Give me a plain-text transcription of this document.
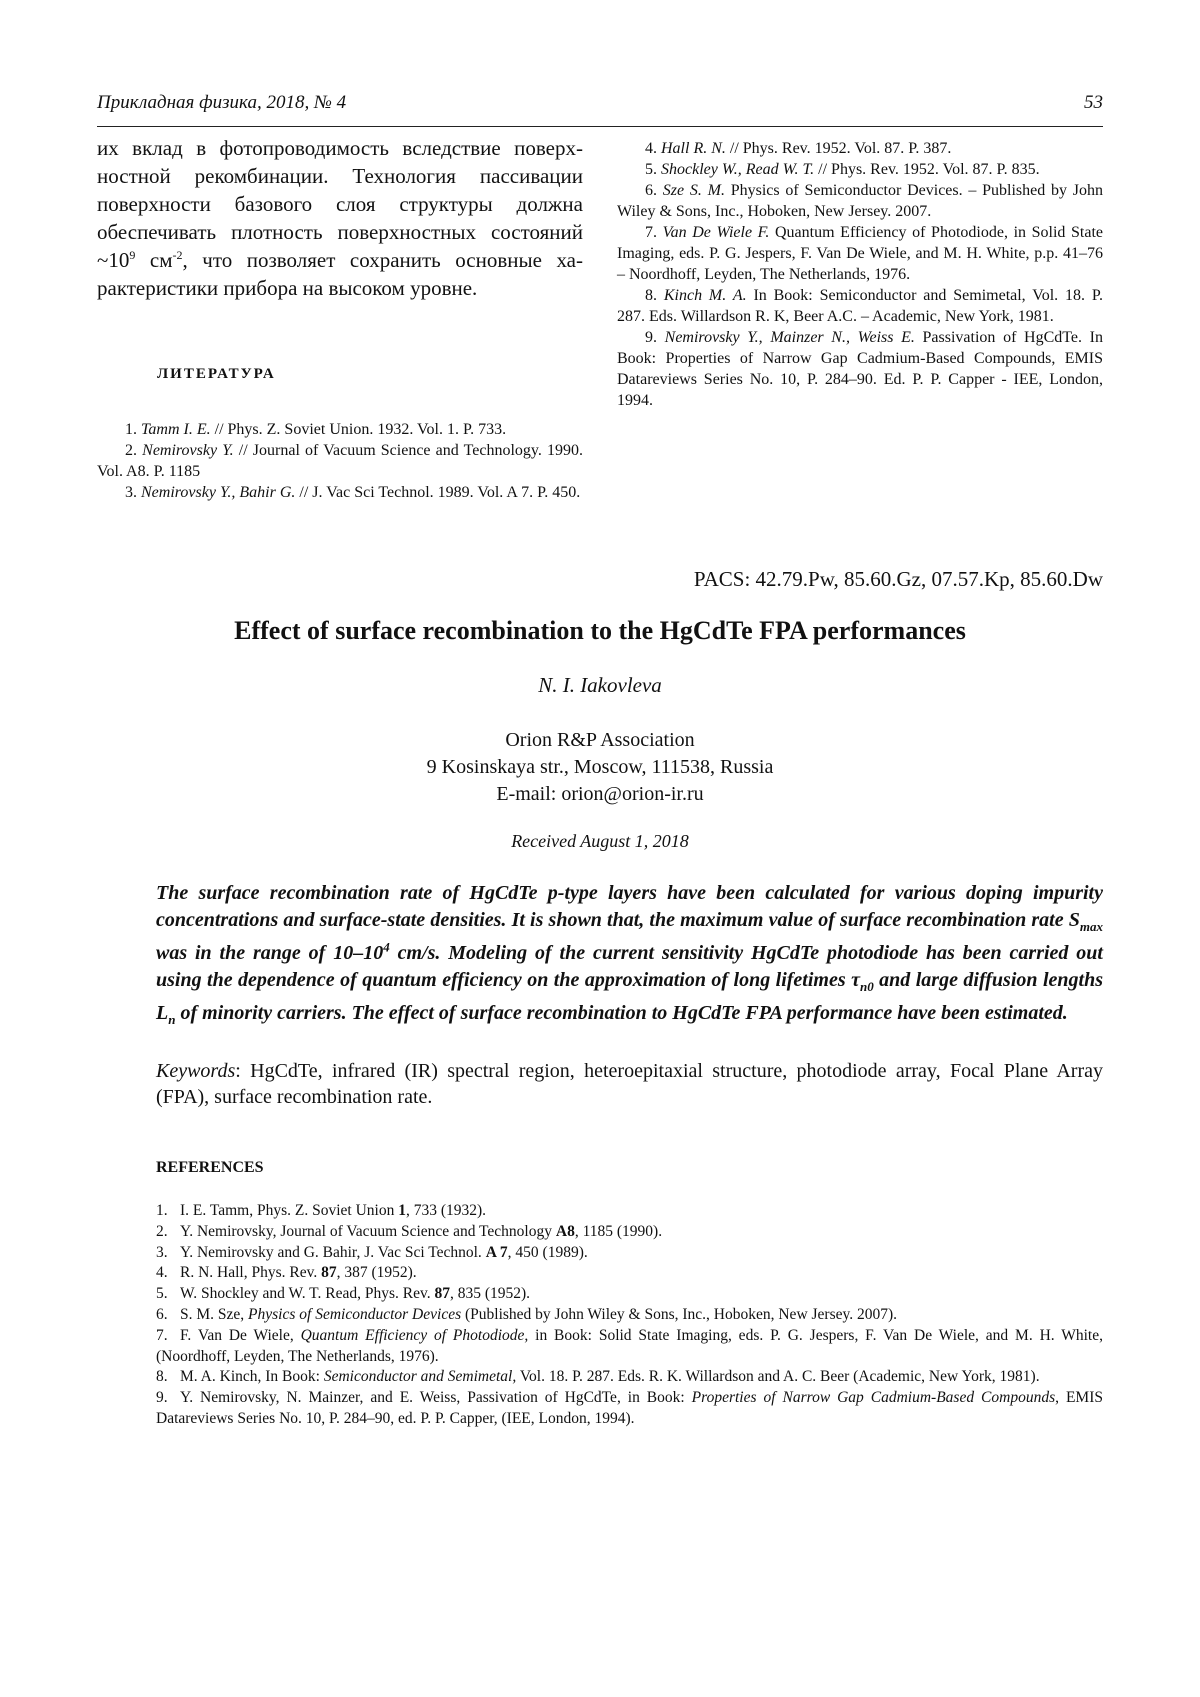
Прикладная физика, 2018, № 4	53

их вклад в фотопроводимость вследствие поверх-ностной рекомбинации. Технология пассивации поверхности базового слоя структуры должна обеспечивать плотность поверхностных состояний $\sim 10^9$ $см^{-2}$, что позволяет сохранить основные ха-рактеристики прибора на высоком уровне.

ЛИТЕРАТУРА
1. Tamm I. E. // Phys. Z. Soviet Union. 1932. Vol. 1. P. 733.
2. Nemirovsky Y. // Journal of Vacuum Science and Technology. 1990. Vol. A8. P. 1185
3. Nemirovsky Y., Bahir G. // J. Vac Sci Technol. 1989. Vol. A 7. P. 450.
4. Hall R. N. // Phys. Rev. 1952. Vol. 87. P. 387.
5. Shockley W., Read W. T. // Phys. Rev. 1952. Vol. 87. P. 835.
6. Sze S. M. Physics of Semiconductor Devices. – Published by John Wiley & Sons, Inc., Hoboken, New Jersey. 2007.
7. Van De Wiele F. Quantum Efficiency of Photodiode, in Solid State Imaging, eds. P. G. Jespers, F. Van De Wiele, and M. H. White, p.p. 41–76 – Noordhoff, Leyden, The Netherlands, 1976.
8. Kinch M. A. In Book: Semiconductor and Semimetal, Vol. 18. P. 287. Eds. Willardson R. K, Beer A.C. – Academic, New York, 1981.
9. Nemirovsky Y., Mainzer N., Weiss E. Passivation of HgCdTe. In Book: Properties of Narrow Gap Cadmium-Based Compounds, EMIS Datareviews Series No. 10, P. 284–90. Ed. P. P. Capper - IEE, London, 1994.
PACS: 42.79.Pw, 85.60.Gz, 07.57.Kp, 85.60.Dw
Effect of surface recombination to the HgCdTe FPA performances
N. I. Iakovleva
Orion R&P Association
9 Kosinskaya str., Moscow, 111538, Russia
E-mail: orion@orion-ir.ru
Received August 1, 2018

The surface recombination rate of HgCdTe p-type layers have been calculated for various doping impurity concentrations and surface-state densities. It is shown that, the maximum value of surface recombination rate $S_{max}$ was in the range of $10-10^4$ cm/s. Modeling of the current sensitivity HgCdTe photodiode has been carried out using the dependence of quantum efficiency on the approximation of long lifetimes $\tau_{n0}$ and large diffusion lengths $L_n$ of minority carriers. The effect of surface recombination to HgCdTe FPA performance have been estimated.

Keywords: HgCdTe, infrared (IR) spectral region, heteroepitaxial structure, photodiode array, Focal Plane Array (FPA), surface recombination rate.

REFERENCES
1. I. E. Tamm, Phys. Z. Soviet Union 1, 733 (1932).
2. Y. Nemirovsky, Journal of Vacuum Science and Technology A8, 1185 (1990).
3. Y. Nemirovsky and G. Bahir, J. Vac Sci Technol. A 7, 450 (1989).
4. R. N. Hall, Phys. Rev. 87, 387 (1952).
5. W. Shockley and W. T. Read, Phys. Rev. 87, 835 (1952).
6. S. M. Sze, Physics of Semiconductor Devices (Published by John Wiley & Sons, Inc., Hoboken, New Jersey. 2007).
7. F. Van De Wiele, Quantum Efficiency of Photodiode, in Book: Solid State Imaging, eds. P. G. Jespers, F. Van De Wiele, and M. H. White, (Noordhoff, Leyden, The Netherlands, 1976).
8. M. A. Kinch, In Book: Semiconductor and Semimetal, Vol. 18. P. 287. Eds. R. K. Willardson and A. C. Beer (Academic, New York, 1981).
9. Y. Nemirovsky, N. Mainzer, and E. Weiss, Passivation of HgCdTe, in Book: Properties of Narrow Gap Cadmium-Based Compounds, EMIS Datareviews Series No. 10, P. 284–90, ed. P. P. Capper, (IEE, London, 1994).
